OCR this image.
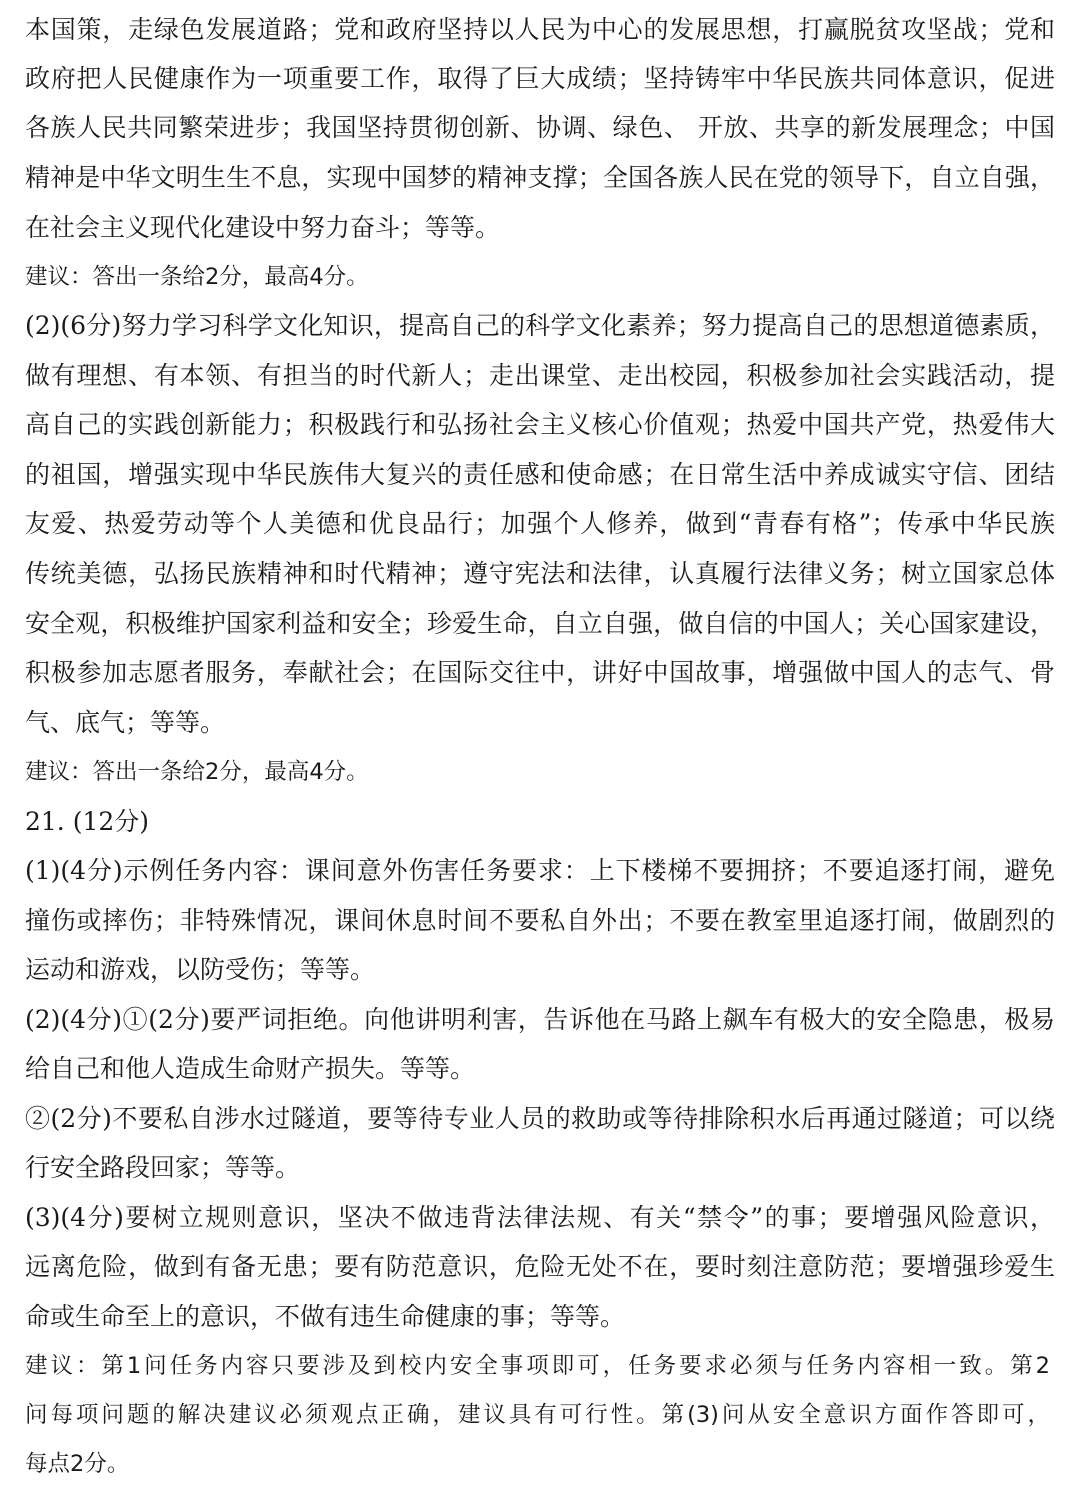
本国策，走绿色发展道路；党和政府坚持以人民为中心的发展思想，打赢脱贫攻坚战；党和
政府把人民健康作为一项重要工作，取得了巨大成绩；坚持铸牢中华民族共同体意识，促进
各族人民共同繁荣进步；我国坚持贯彻创新、协调、绿色、 开放、共享的新发展理念；中国
精神是中华文明生生不息，实现中国梦的精神支撑；全国各族人民在党的领导下，自立自强，
在社会主义现代化建设中努力奋斗；等等。
建议：答出一条给2分，最高4分。
(2)(6分)努力学习科学文化知识，提高自己的科学文化素养；努力提高自己的思想道德素质，
做有理想、有本领、有担当的时代新人；走出课堂、走出校园，积极参加社会实践活动，提
高自己的实践创新能力；积极践行和弘扬社会主义核心价值观；热爱中国共产党，热爱伟大
的祖国，增强实现中华民族伟大复兴的责任感和使命感；在日常生活中养成诚实守信、团结
友爱、热爱劳动等个人美德和优良品行；加强个人修养，做到“青春有格”；传承中华民族
传统美德，弘扬民族精神和时代精神；遵守宪法和法律，认真履行法律义务；树立国家总体
安全观，积极维护国家利益和安全；珍爱生命，自立自强，做自信的中国人；关心国家建设，
积极参加志愿者服务，奉献社会；在国际交往中，讲好中国故事，增强做中国人的志气、骨
气、底气；等等。
建议：答出一条给2分，最高4分。
21. (12分)
(1)(4分)示例任务内容：课间意外伤害任务要求：上下楼梯不要拥挤；不要追逐打闹，避免
撞伤或摔伤；非特殊情况，课间休息时间不要私自外出；不要在教室里追逐打闹，做剧烈的
运动和游戏，以防受伤；等等。
(2)(4分)①(2分)要严词拒绝。向他讲明利害，告诉他在马路上飙车有极大的安全隐患，极易
给自己和他人造成生命财产损失。等等。
②(2分)不要私自涉水过隧道，要等待专业人员的救助或等待排除积水后再通过隧道；可以绕
行安全路段回家；等等。
(3)(4分)要树立规则意识，坚决不做违背法律法规、有关“禁令”的事；要增强风险意识，
远离危险，做到有备无患；要有防范意识，危险无处不在，要时刻注意防范；要增强珍爱生
命或生命至上的意识，不做有违生命健康的事；等等。
建议：第1问任务内容只要涉及到校内安全事项即可，任务要求必须与任务内容相一致。第2
问每项问题的解决建议必须观点正确，建议具有可行性。第(3)问从安全意识方面作答即可，
每点2分。
